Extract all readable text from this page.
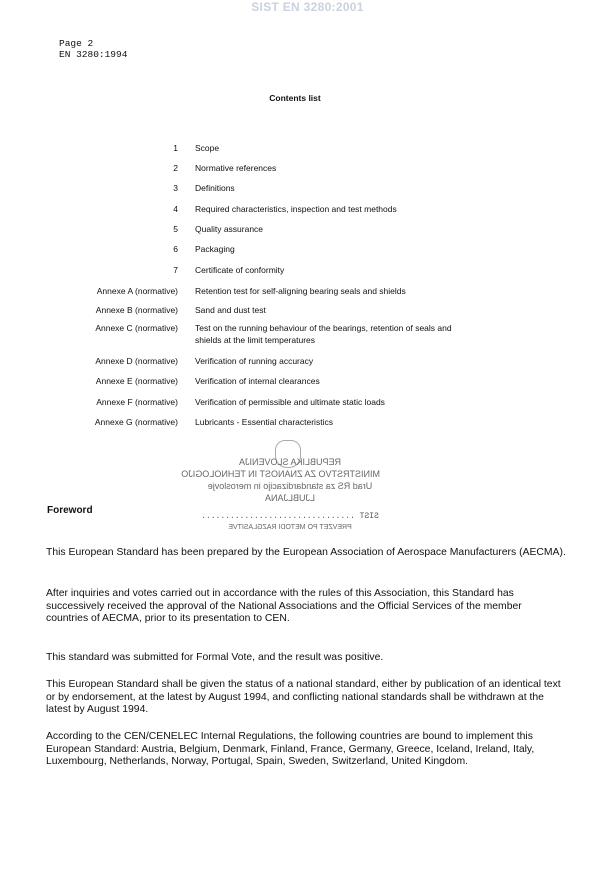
SIST EN 3280:2001
Page 2
EN 3280:1994
Contents list
1 Scope
2 Normative references
3 Definitions
4 Required characteristics, inspection and test methods
5 Quality assurance
6 Packaging
7 Certificate of conformity
Annexe A (normative) Retention test for self-aligning bearing seals and shields
Annexe B (normative) Sand and dust test
Annexe C (normative) Test on the running behaviour of the bearings, retention of seals and shields at the limit temperatures
Annexe D (normative) Verification of running accuracy
Annexe E (normative) Verification of internal clearances
Annexe F (normative) Verification of permissible and ultimate static loads
Annexe G (normative) Lubricants - Essential characteristics
REPUBLIKA SLOVENIJA
MINISTRSTVO ZA ZNANOST IN TEHNOLOGIJO
Urad RS za standardizacijo in meroslovje
LJUBLJANA
SIST ................................
PREVZET PO METODI RAZGLASITVE
Foreword
This European Standard has been prepared by the European Association of Aerospace Manufacturers (AECMA).
After inquiries and votes carried out in accordance with the rules of this Association, this Standard has successively received the approval of the National Associations and the Official Services of the member countries of AECMA, prior to its presentation to CEN.
This standard was submitted for Formal Vote, and the result was positive.
This European Standard shall be given the status of a national standard, either by publication of an identical text or by endorsement, at the latest by August 1994, and conflicting national standards shall be withdrawn at the latest by August 1994.
According to the CEN/CENELEC Internal Regulations, the following countries are bound to implement this European Standard: Austria, Belgium, Denmark, Finland, France, Germany, Greece, Iceland, Ireland, Italy, Luxembourg, Netherlands, Norway, Portugal, Spain, Sweden, Switzerland, United Kingdom.
